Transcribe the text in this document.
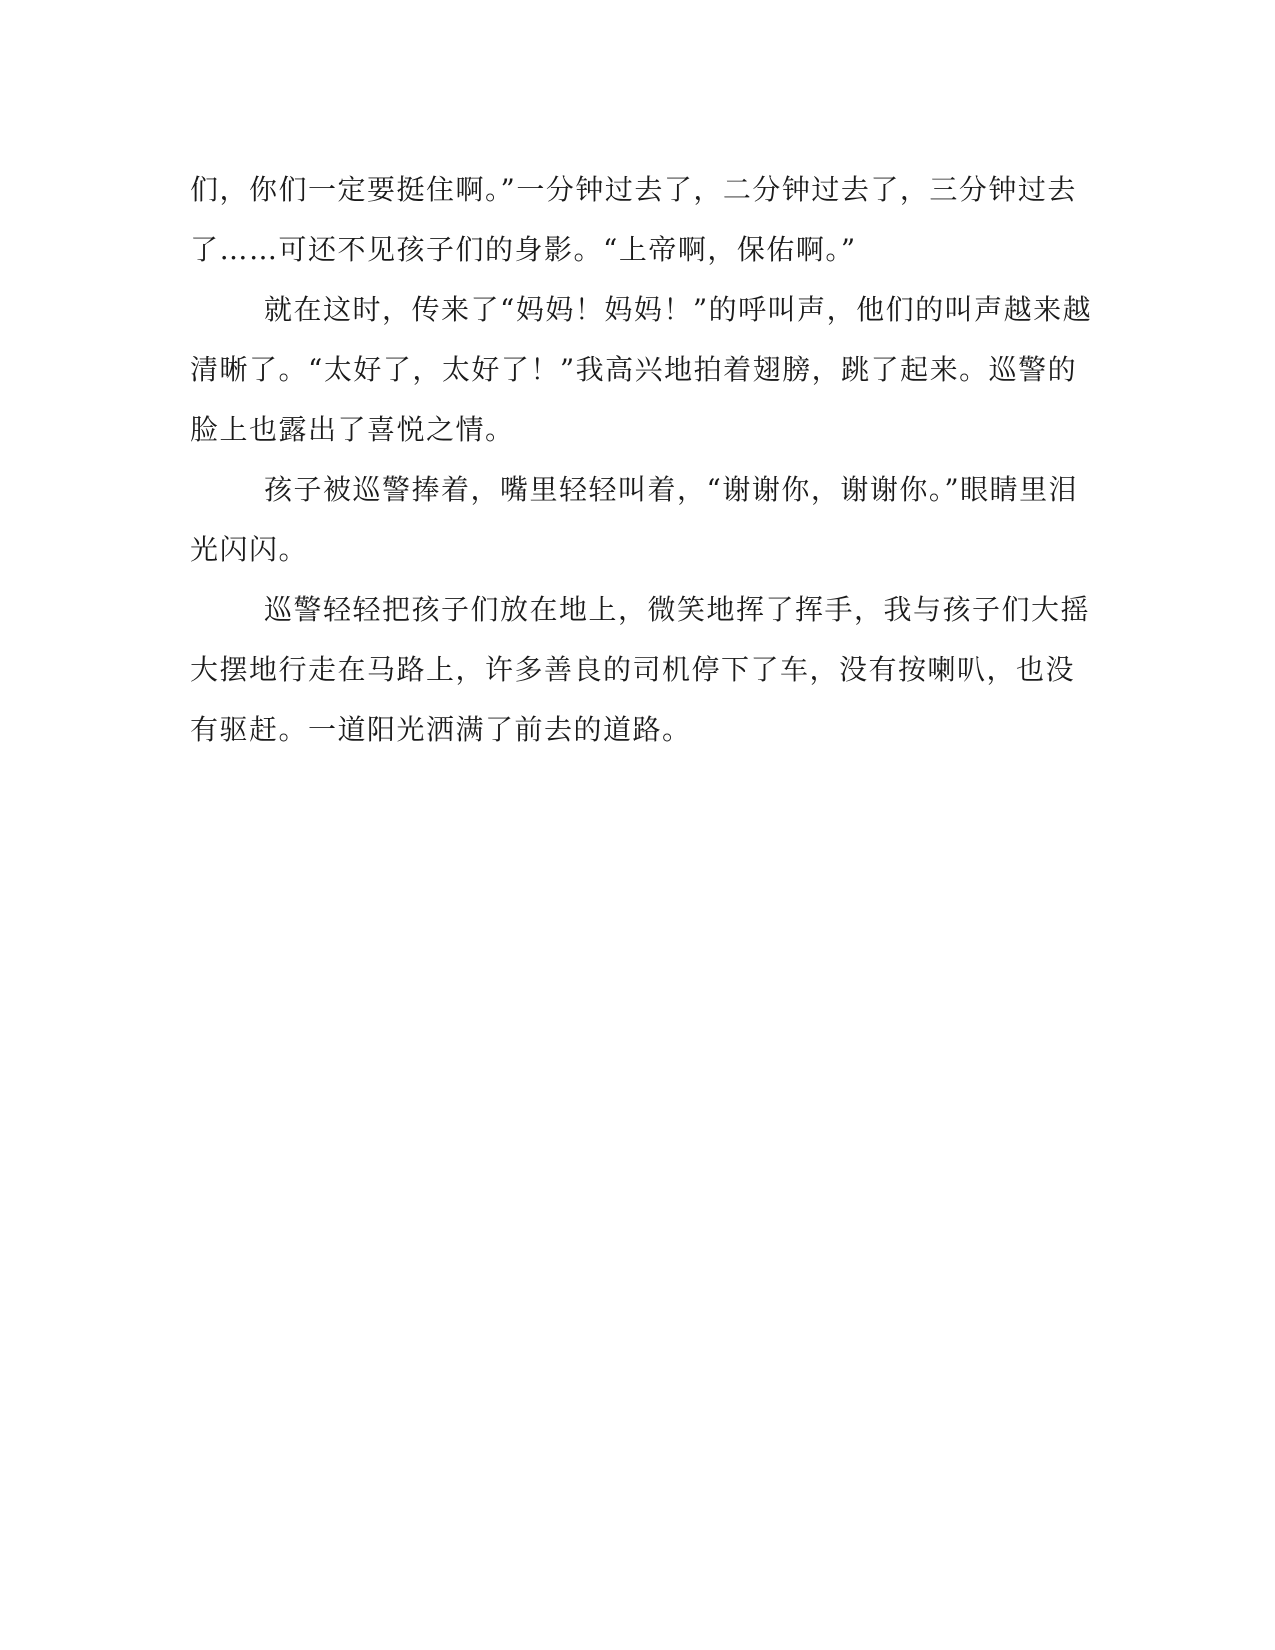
们，你们一定要挺住啊。”一分钟过去了，二分钟过去了，三分钟过去
了……可还不见孩子们的身影。“上帝啊，保佑啊。”
就在这时，传来了“妈妈！妈妈！”的呼叫声，他们的叫声越来越
清晰了。“太好了，太好了！”我高兴地拍着翅膀，跳了起来。巡警的
脸上也露出了喜悦之情。
孩子被巡警捧着，嘴里轻轻叫着，“谢谢你，谢谢你。”眼睛里泪
光闪闪。
巡警轻轻把孩子们放在地上，微笑地挥了挥手，我与孩子们大摇
大摆地行走在马路上，许多善良的司机停下了车，没有按喇叭，也没
有驱赶。一道阳光洒满了前去的道路。
